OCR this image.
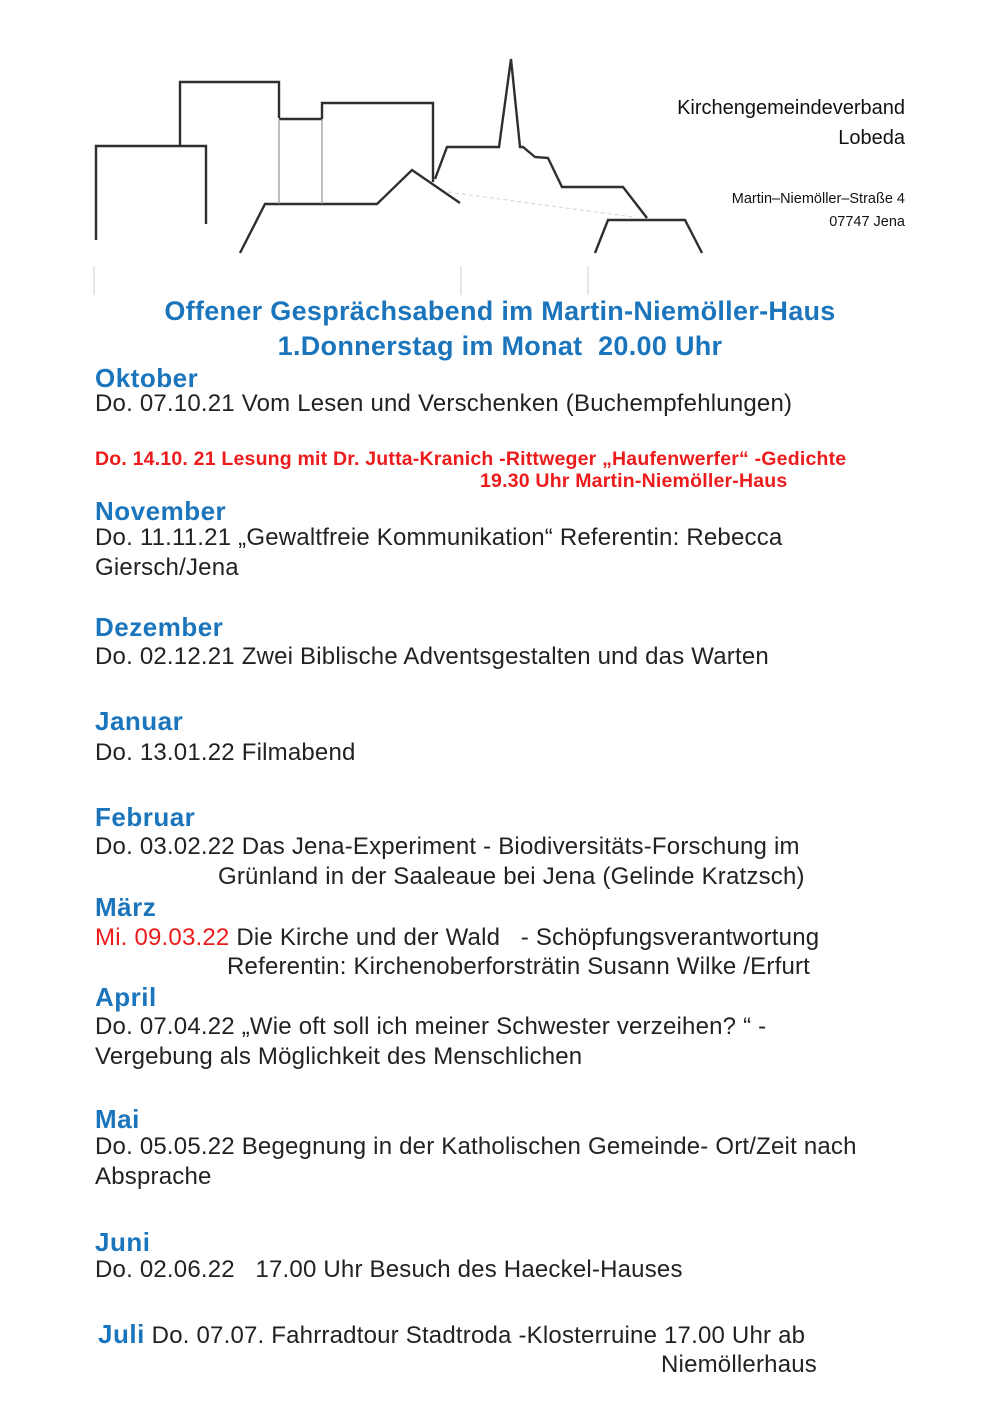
Kirchengemeindeverband
Lobeda
Martin–Niemöller–Straße 4
07747 Jena
Offener Gesprächsabend im Martin-Niemöller-Haus
1.Donnerstag im Monat  20.00 Uhr
Oktober
Do. 07.10.21 Vom Lesen und Verschenken (Buchempfehlungen)
Do. 14.10. 21 Lesung mit Dr. Jutta-Kranich -Rittweger „Haufenwerfer“ -Gedichte
19.30 Uhr Martin-Niemöller-Haus
November
Do. 11.11.21 „Gewaltfreie Kommunikation“ Referentin: Rebecca
Giersch/Jena
Dezember
Do. 02.12.21 Zwei Biblische Adventsgestalten und das Warten
Januar
Do. 13.01.22 Filmabend
Februar
Do. 03.02.22 Das Jena-Experiment - Biodiversitäts-Forschung im
Grünland in der Saaleaue bei Jena (Gelinde Kratzsch)
März
Mi. 09.03.22 Die Kirche und der Wald   - Schöpfungsverantwortung
Referentin: Kirchenoberforsträtin Susann Wilke /Erfurt
April
Do. 07.04.22 „Wie oft soll ich meiner Schwester verzeihen? “ -
Vergebung als Möglichkeit des Menschlichen
Mai
Do. 05.05.22 Begegnung in der Katholischen Gemeinde- Ort/Zeit nach
Absprache
Juni
Do. 02.06.22   17.00 Uhr Besuch des Haeckel-Hauses
Juli Do. 07.07. Fahrradtour Stadtroda -Klosterruine 17.00 Uhr ab
Niemöllerhaus
